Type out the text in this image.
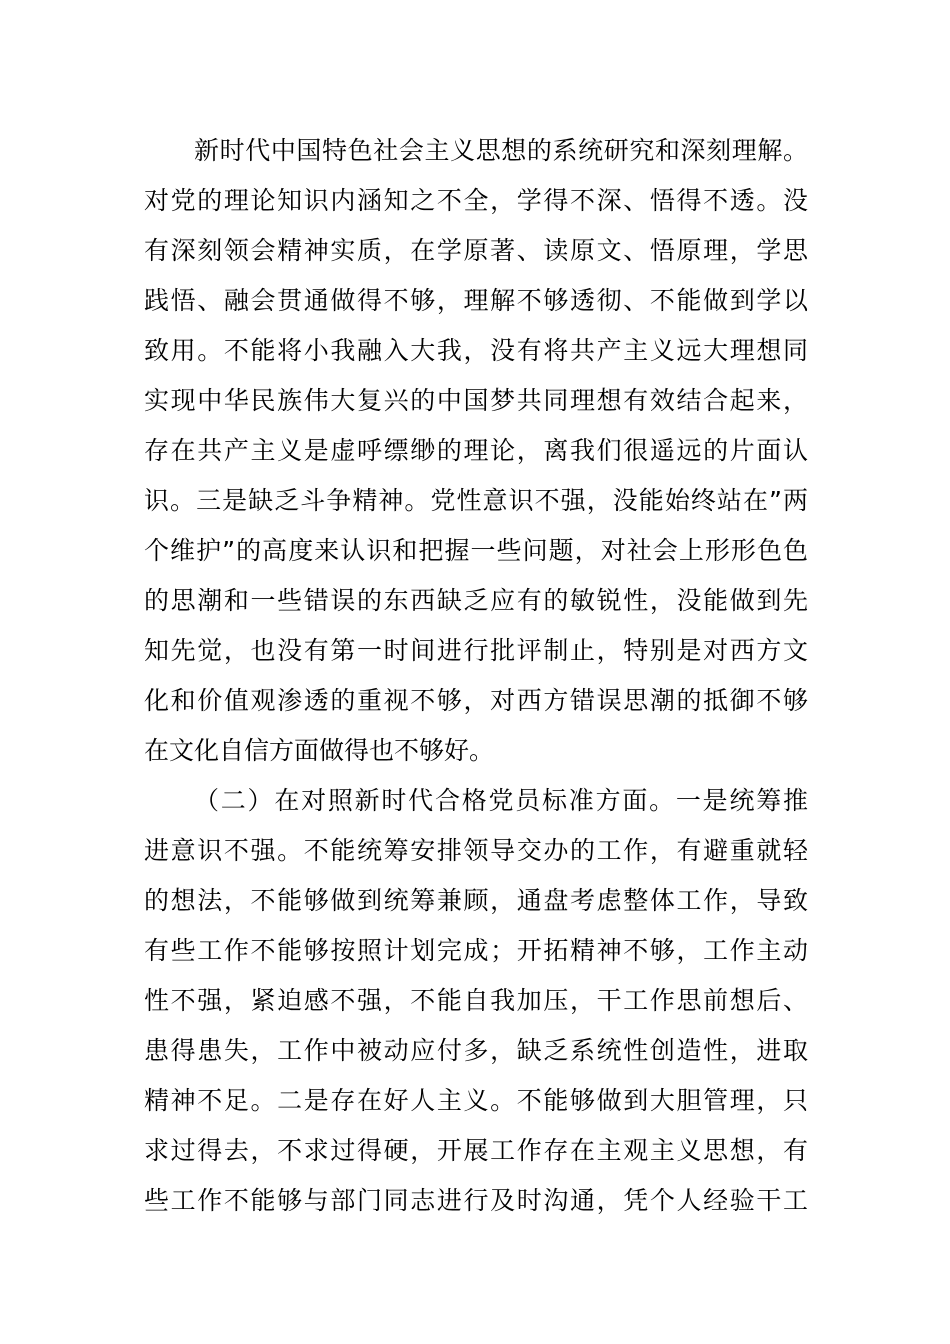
新时代中国特色社会主义思想的系统研究和深刻理解。
对党的理论知识内涵知之不全，学得不深、悟得不透。没
有深刻领会精神实质，在学原著、读原文、悟原理，学思
践悟、融会贯通做得不够，理解不够透彻、不能做到学以
致用。不能将小我融入大我，没有将共产主义远大理想同
实现中华民族伟大复兴的中国梦共同理想有效结合起来，
存在共产主义是虚呼缥缈的理论，离我们很遥远的片面认
识。三是缺乏斗争精神。党性意识不强，没能始终站在”两
个维护”的高度来认识和把握一些问题，对社会上形形色色
的思潮和一些错误的东西缺乏应有的敏锐性，没能做到先
知先觉，也没有第一时间进行批评制止，特别是对西方文
化和价值观渗透的重视不够，对西方错误思潮的抵御不够
在文化自信方面做得也不够好。
（二）在对照新时代合格党员标准方面。一是统筹推
进意识不强。不能统筹安排领导交办的工作，有避重就轻
的想法，不能够做到统筹兼顾，通盘考虑整体工作，导致
有些工作不能够按照计划完成；开拓精神不够，工作主动
性不强，紧迫感不强，不能自我加压，干工作思前想后、
患得患失，工作中被动应付多，缺乏系统性创造性，进取
精神不足。二是存在好人主义。不能够做到大胆管理，只
求过得去，不求过得硬，开展工作存在主观主义思想，有
些工作不能够与部门同志进行及时沟通，凭个人经验干工
